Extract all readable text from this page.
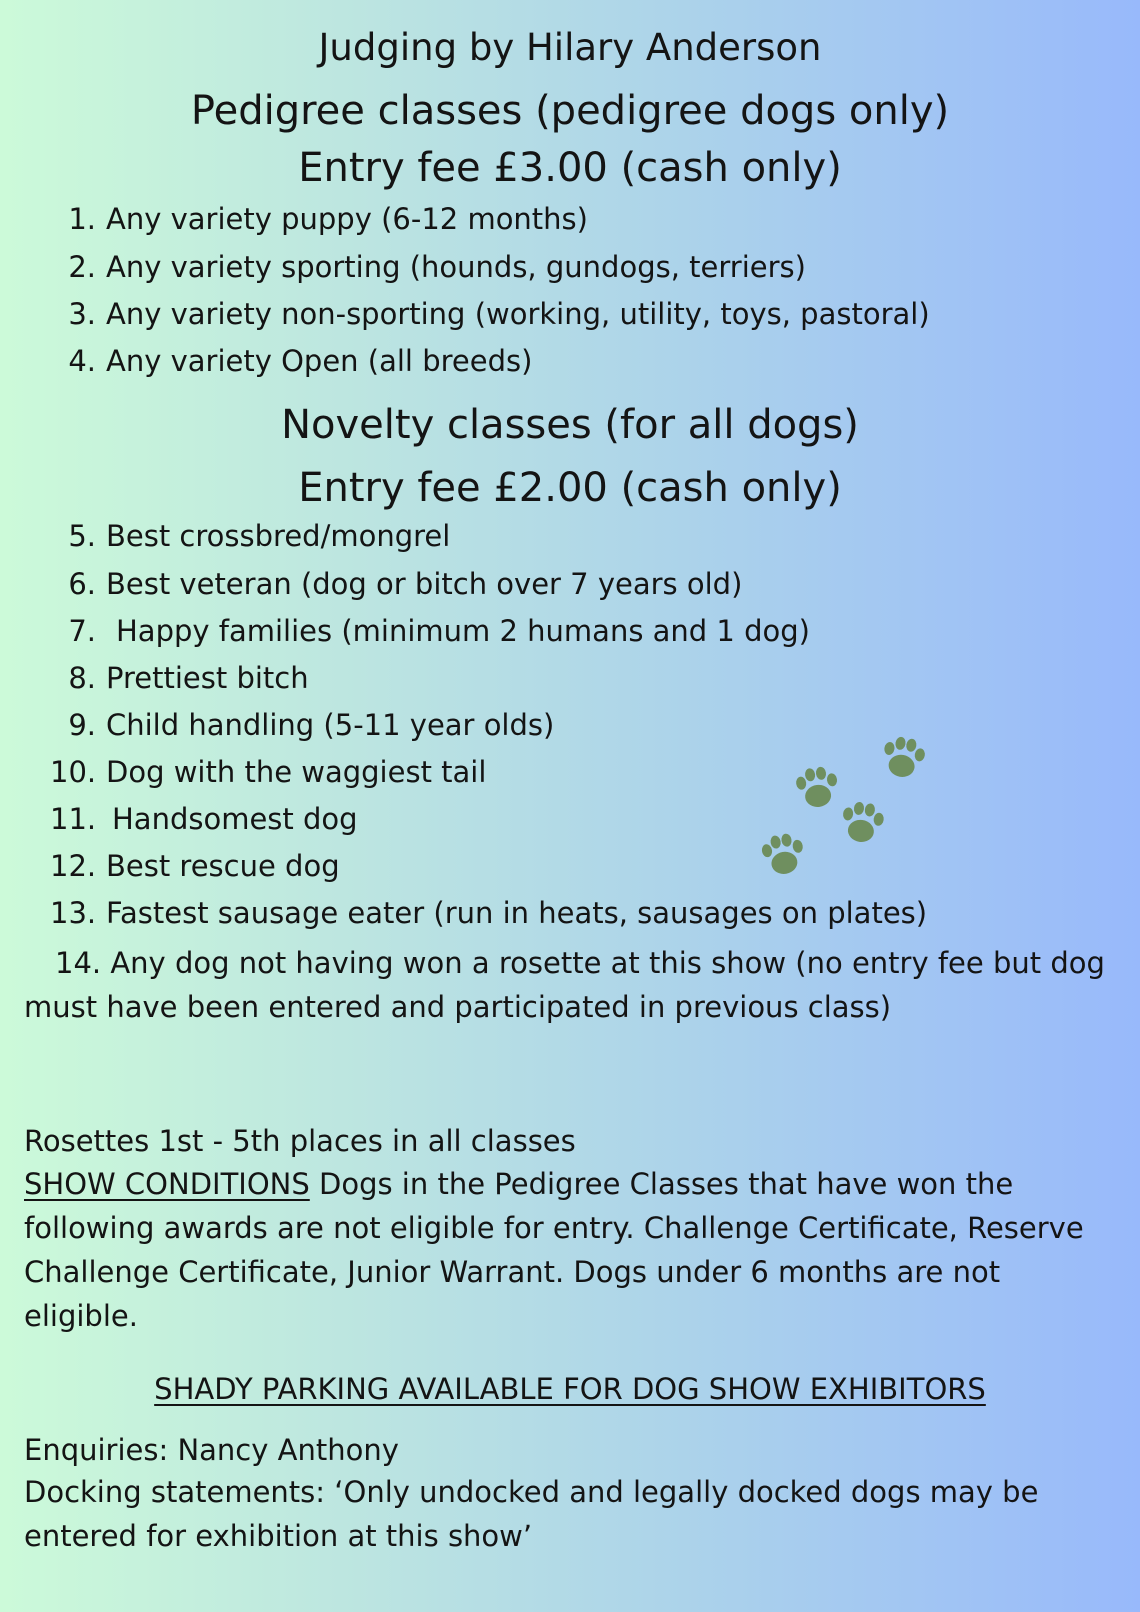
Judging by Hilary Anderson
Pedigree classes (pedigree dogs only)
Entry fee £3.00 (cash only)
1. Any variety puppy (6-12 months)
2. Any variety sporting (hounds, gundogs, terriers)
3. Any variety non-sporting (working, utility, toys, pastoral)
4. Any variety Open (all breeds)
Novelty classes (for all dogs)
Entry fee £2.00 (cash only)
5. Best crossbred/mongrel
6. Best veteran (dog or bitch over 7 years old)
7. Happy families (minimum 2 humans and 1 dog)
8. Prettiest bitch
9. Child handling (5-11 year olds)
10. Dog with the waggiest tail
11. Handsomest dog
12. Best rescue dog
13. Fastest sausage eater (run in heats, sausages on plates)
14. Any dog not having won a rosette at this show (no entry fee but dog must have been entered and participated in previous class)
Rosettes 1st - 5th places in all classes
SHOW CONDITIONS Dogs in the Pedigree Classes that have won the following awards are not eligible for entry. Challenge Certificate, Reserve Challenge Certificate, Junior Warrant. Dogs under 6 months are not eligible.
SHADY PARKING AVAILABLE FOR DOG SHOW EXHIBITORS
Enquiries: Nancy Anthony
Docking statements: ‘Only undocked and legally docked dogs may be entered for exhibition at this show’
